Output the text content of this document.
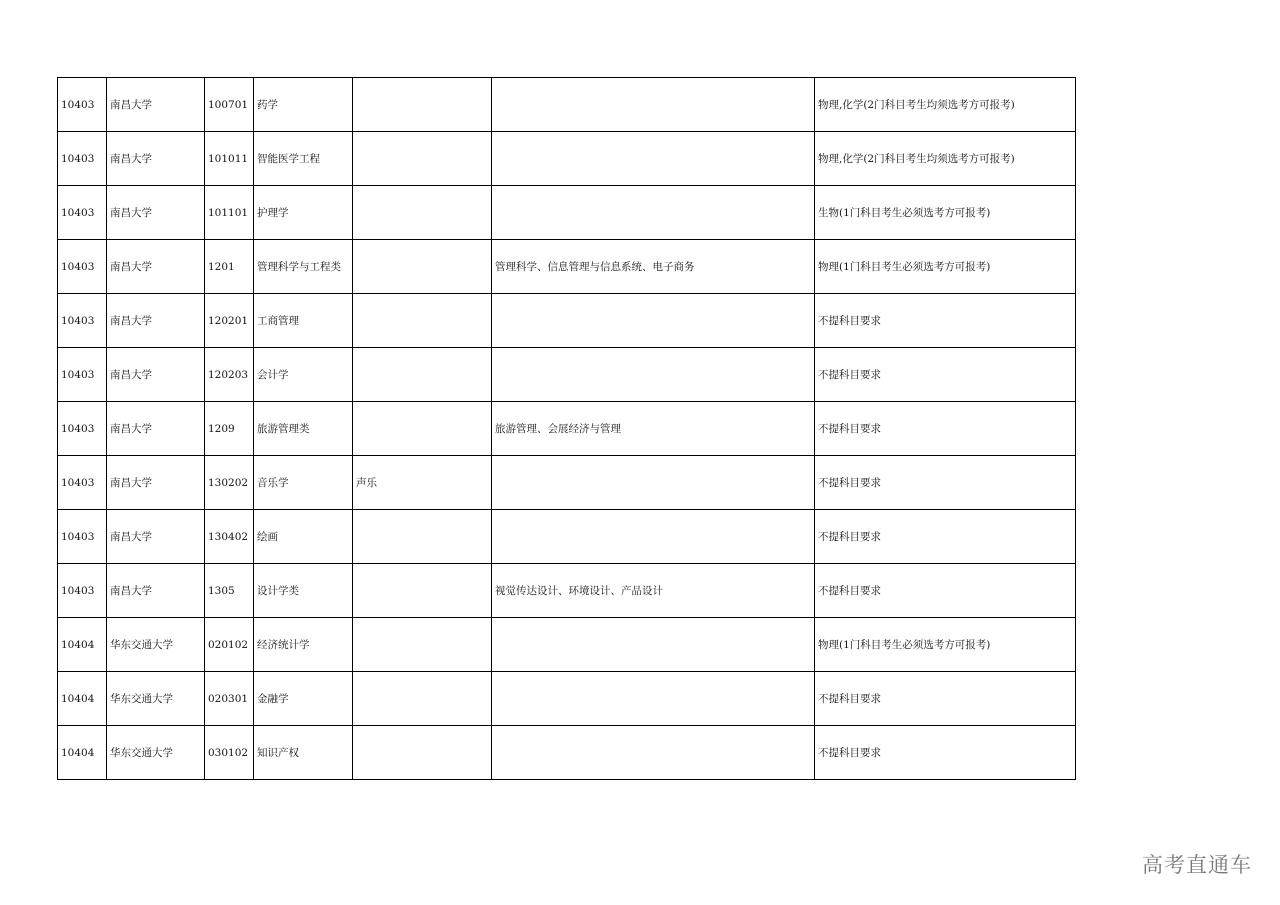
10403	南昌大学	100701	药学			物理,化学(2门科目考生均须选考方可报考)
10403	南昌大学	101011	智能医学工程			物理,化学(2门科目考生均须选考方可报考)
10403	南昌大学	101101	护理学			生物(1门科目考生必须选考方可报考)
10403	南昌大学	1201	管理科学与工程类		管理科学、信息管理与信息系统、电子商务	物理(1门科目考生必须选考方可报考)
10403	南昌大学	120201	工商管理			不提科目要求
10403	南昌大学	120203	会计学			不提科目要求
10403	南昌大学	1209	旅游管理类		旅游管理、会展经济与管理	不提科目要求
10403	南昌大学	130202	音乐学	声乐		不提科目要求
10403	南昌大学	130402	绘画			不提科目要求
10403	南昌大学	1305	设计学类		视觉传达设计、环境设计、产品设计	不提科目要求
10404	华东交通大学	020102	经济统计学			物理(1门科目考生必须选考方可报考)
10404	华东交通大学	020301	金融学			不提科目要求
10404	华东交通大学	030102	知识产权			不提科目要求
高考直通车
